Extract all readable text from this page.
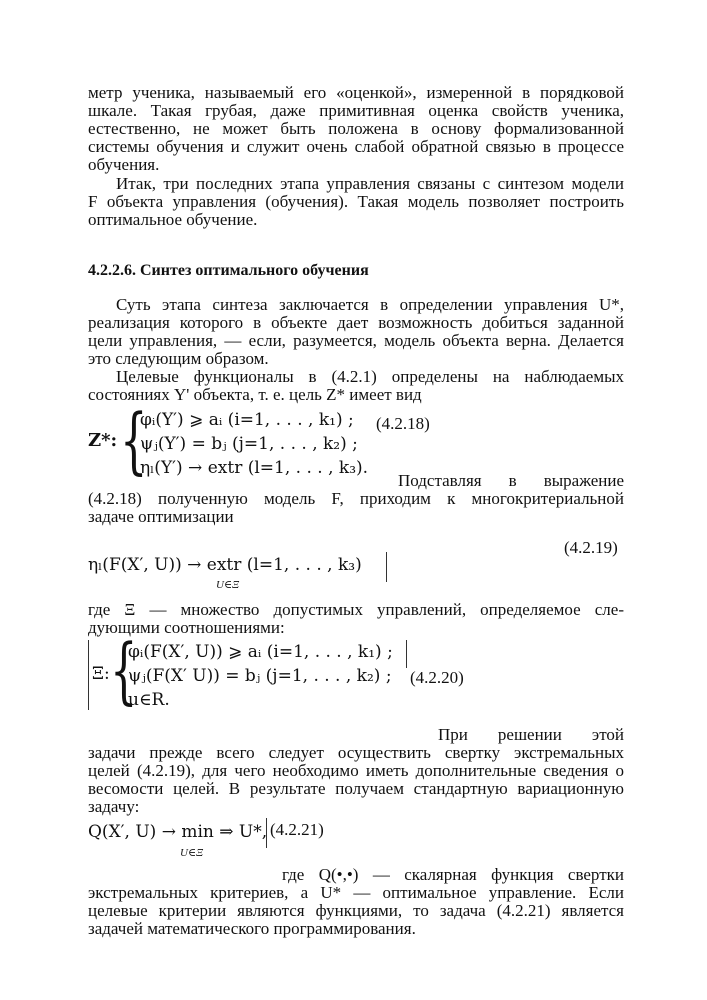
метр ученика, называемый его «оценкой», измеренной в порядковой
шкале. Такая грубая, даже примитивная оценка свойств ученика,
естественно, не может быть положена в основу формализованной
системы обучения и служит очень слабой обратной связью в процессе
обучения.
Итак, три последних этапа управления связаны с синтезом модели
F объекта управления (обучения). Такая модель позволяет построить
оптимальное обучение.
4.2.2.6. Синтез оптимального обучения
Суть этапа синтеза заключается в определении управления U*,
реализация которого в объекте дает возможность добиться заданной
цели управления, — если, разумеется, модель объекта верна. Делается
это следующим образом.
Целевые функционалы в (4.2.1) определены на наблюдаемых
состояниях Y' объекта, т. е. цель Z* имеет вид
Z*: {
φᵢ(Y′) ⩾ aᵢ (i=1, . . . , k₁) ;
ψⱼ(Y′) = bⱼ (j=1, . . . , k₂) ;
ηₗ(Y′) → extr (l=1, . . . , k₃).
(4.2.18)
Подставляя в выражение
(4.2.18) полученную модель F, приходим к многокритериальной
задаче оптимизации
(4.2.19)
ηₗ(F(X′, U)) → extr (l=1, . . . , k₃)
U∈Ξ
где Ξ — множество допустимых управлений, определяемое сле-
дующими соотношениями:
Ξ: {
φᵢ(F(X′, U)) ⩾ aᵢ (i=1, . . . , k₁) ;
ψⱼ(F(X′ U)) = bⱼ (j=1, . . . , k₂) ;
u∈R.
(4.2.20)
При решении этой
задачи прежде всего следует осуществить свертку экстремальных
целей (4.2.19), для чего необходимо иметь дополнительные сведения о
весомости целей. В результате получаем стандартную вариационную
задачу:
Q(X′, U) → min ⇒ U*, (4.2.21)
U∈Ξ
где Q(•,•) — скалярная функция свертки
экстремальных критериев, а U* — оптимальное управление. Если
целевые критерии являются функциями, то задача (4.2.21) является
задачей математического программирования.
